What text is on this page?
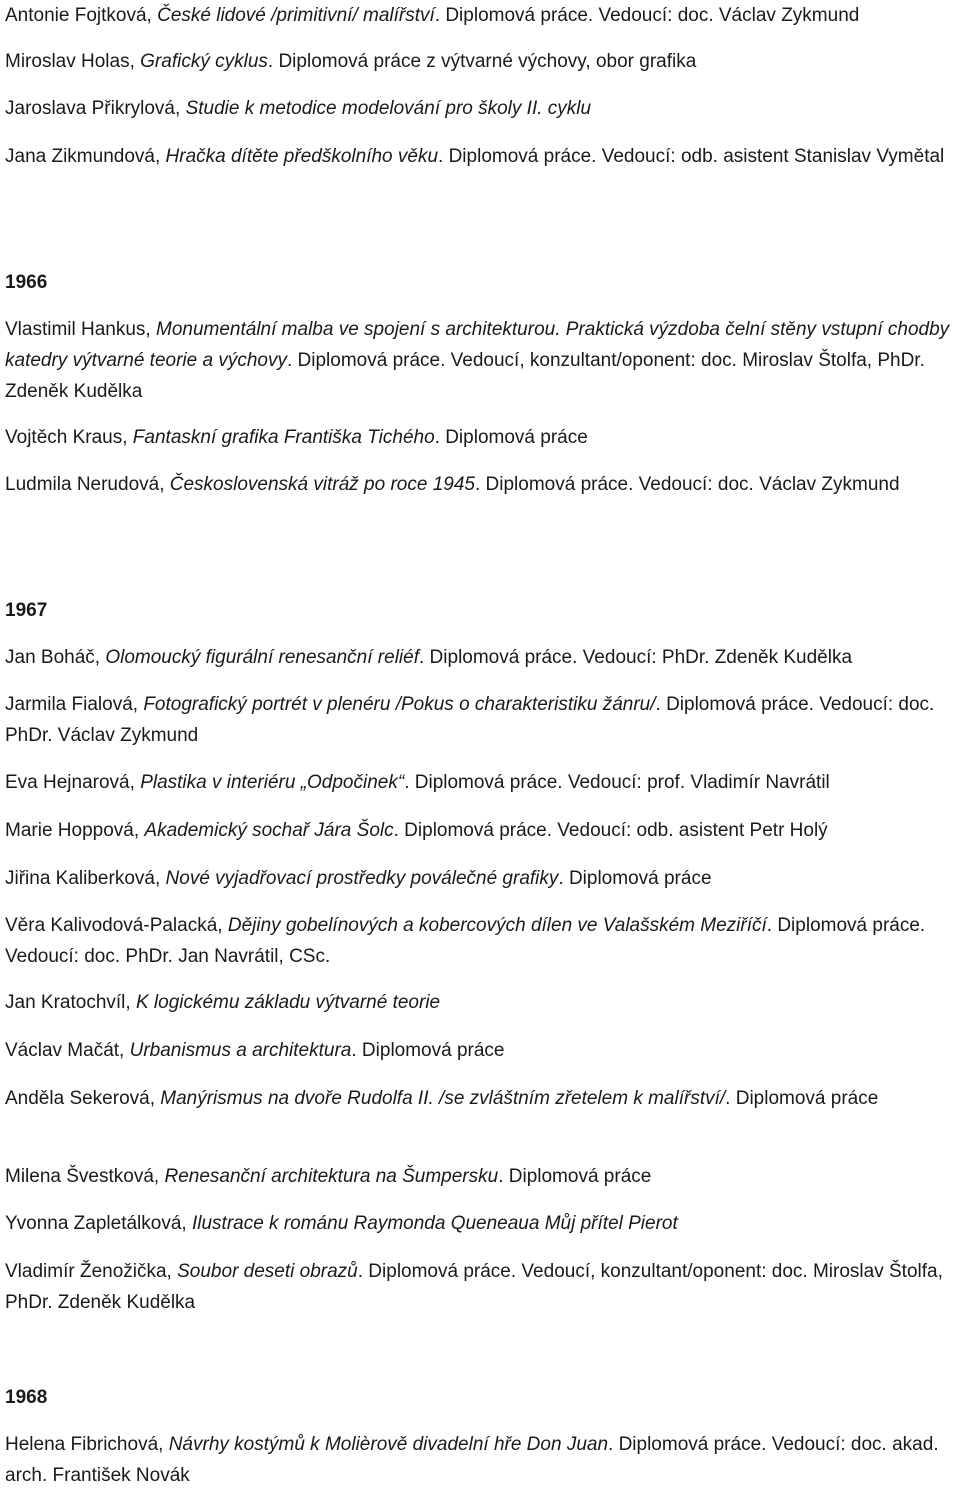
Antonie Fojtková, České lidové /primitivní/ malířství. Diplomová práce. Vedoucí: doc. Václav Zykmund

Miroslav Holas, Grafický cyklus. Diplomová práce z výtvarné výchovy, obor grafika

Jaroslava Přikrylová, Studie k metodice modelování pro školy II. cyklu

Jana Zikmundová, Hračka dítěte předškolního věku. Diplomová práce. Vedoucí: odb. asistent Stanislav Vymětal

1966

Vlastimil Hankus, Monumentální malba ve spojení s architekturou. Praktická výzdoba čelní stěny vstupní chodby katedry výtvarné teorie a výchovy. Diplomová práce. Vedoucí, konzultant/oponent: doc. Miroslav Štolfa, PhDr. Zdeněk Kudělka

Vojtěch Kraus, Fantaskní grafika Františka Tichého. Diplomová práce

Ludmila Nerudová, Československá vitráž po roce 1945. Diplomová práce. Vedoucí: doc. Václav Zykmund

1967

Jan Boháč, Olomoucký figurální renesanční reliéf. Diplomová práce. Vedoucí: PhDr. Zdeněk Kudělka

Jarmila Fialová, Fotografický portrét v plenéru /Pokus o charakteristiku žánru/. Diplomová práce. Vedoucí: doc. PhDr. Václav Zykmund

Eva Hejnarová, Plastika v interiéru „Odpočinek“. Diplomová práce. Vedoucí: prof. Vladimír Navrátil

Marie Hoppová, Akademický sochař Jára Šolc. Diplomová práce. Vedoucí: odb. asistent Petr Holý

Jiřina Kaliberková, Nové vyjadřovací prostředky poválečné grafiky. Diplomová práce

Věra Kalivodová-Palacká, Dějiny gobelínových a kobercových dílen ve Valašském Meziříčí. Diplomová práce. Vedoucí: doc. PhDr. Jan Navrátil, CSc.

Jan Kratochvíl, K logickému základu výtvarné teorie

Václav Mačát, Urbanismus a architektura. Diplomová práce

Anděla Sekerová, Manýrismus na dvoře Rudolfa II. /se zvláštním zřetelem k malířství/. Diplomová práce

Milena Švestková, Renesanční architektura na Šumpersku. Diplomová práce

Yvonna Zapletálková, Ilustrace k románu Raymonda Queneaua Můj přítel Pierot

Vladimír Ženožička, Soubor deseti obrazů. Diplomová práce. Vedoucí, konzultant/oponent: doc. Miroslav Štolfa, PhDr. Zdeněk Kudělka

1968

Helena Fibrichová, Návrhy kostýmů k Molièrově divadelní hře Don Juan. Diplomová práce. Vedoucí: doc. akad. arch. František Novák
